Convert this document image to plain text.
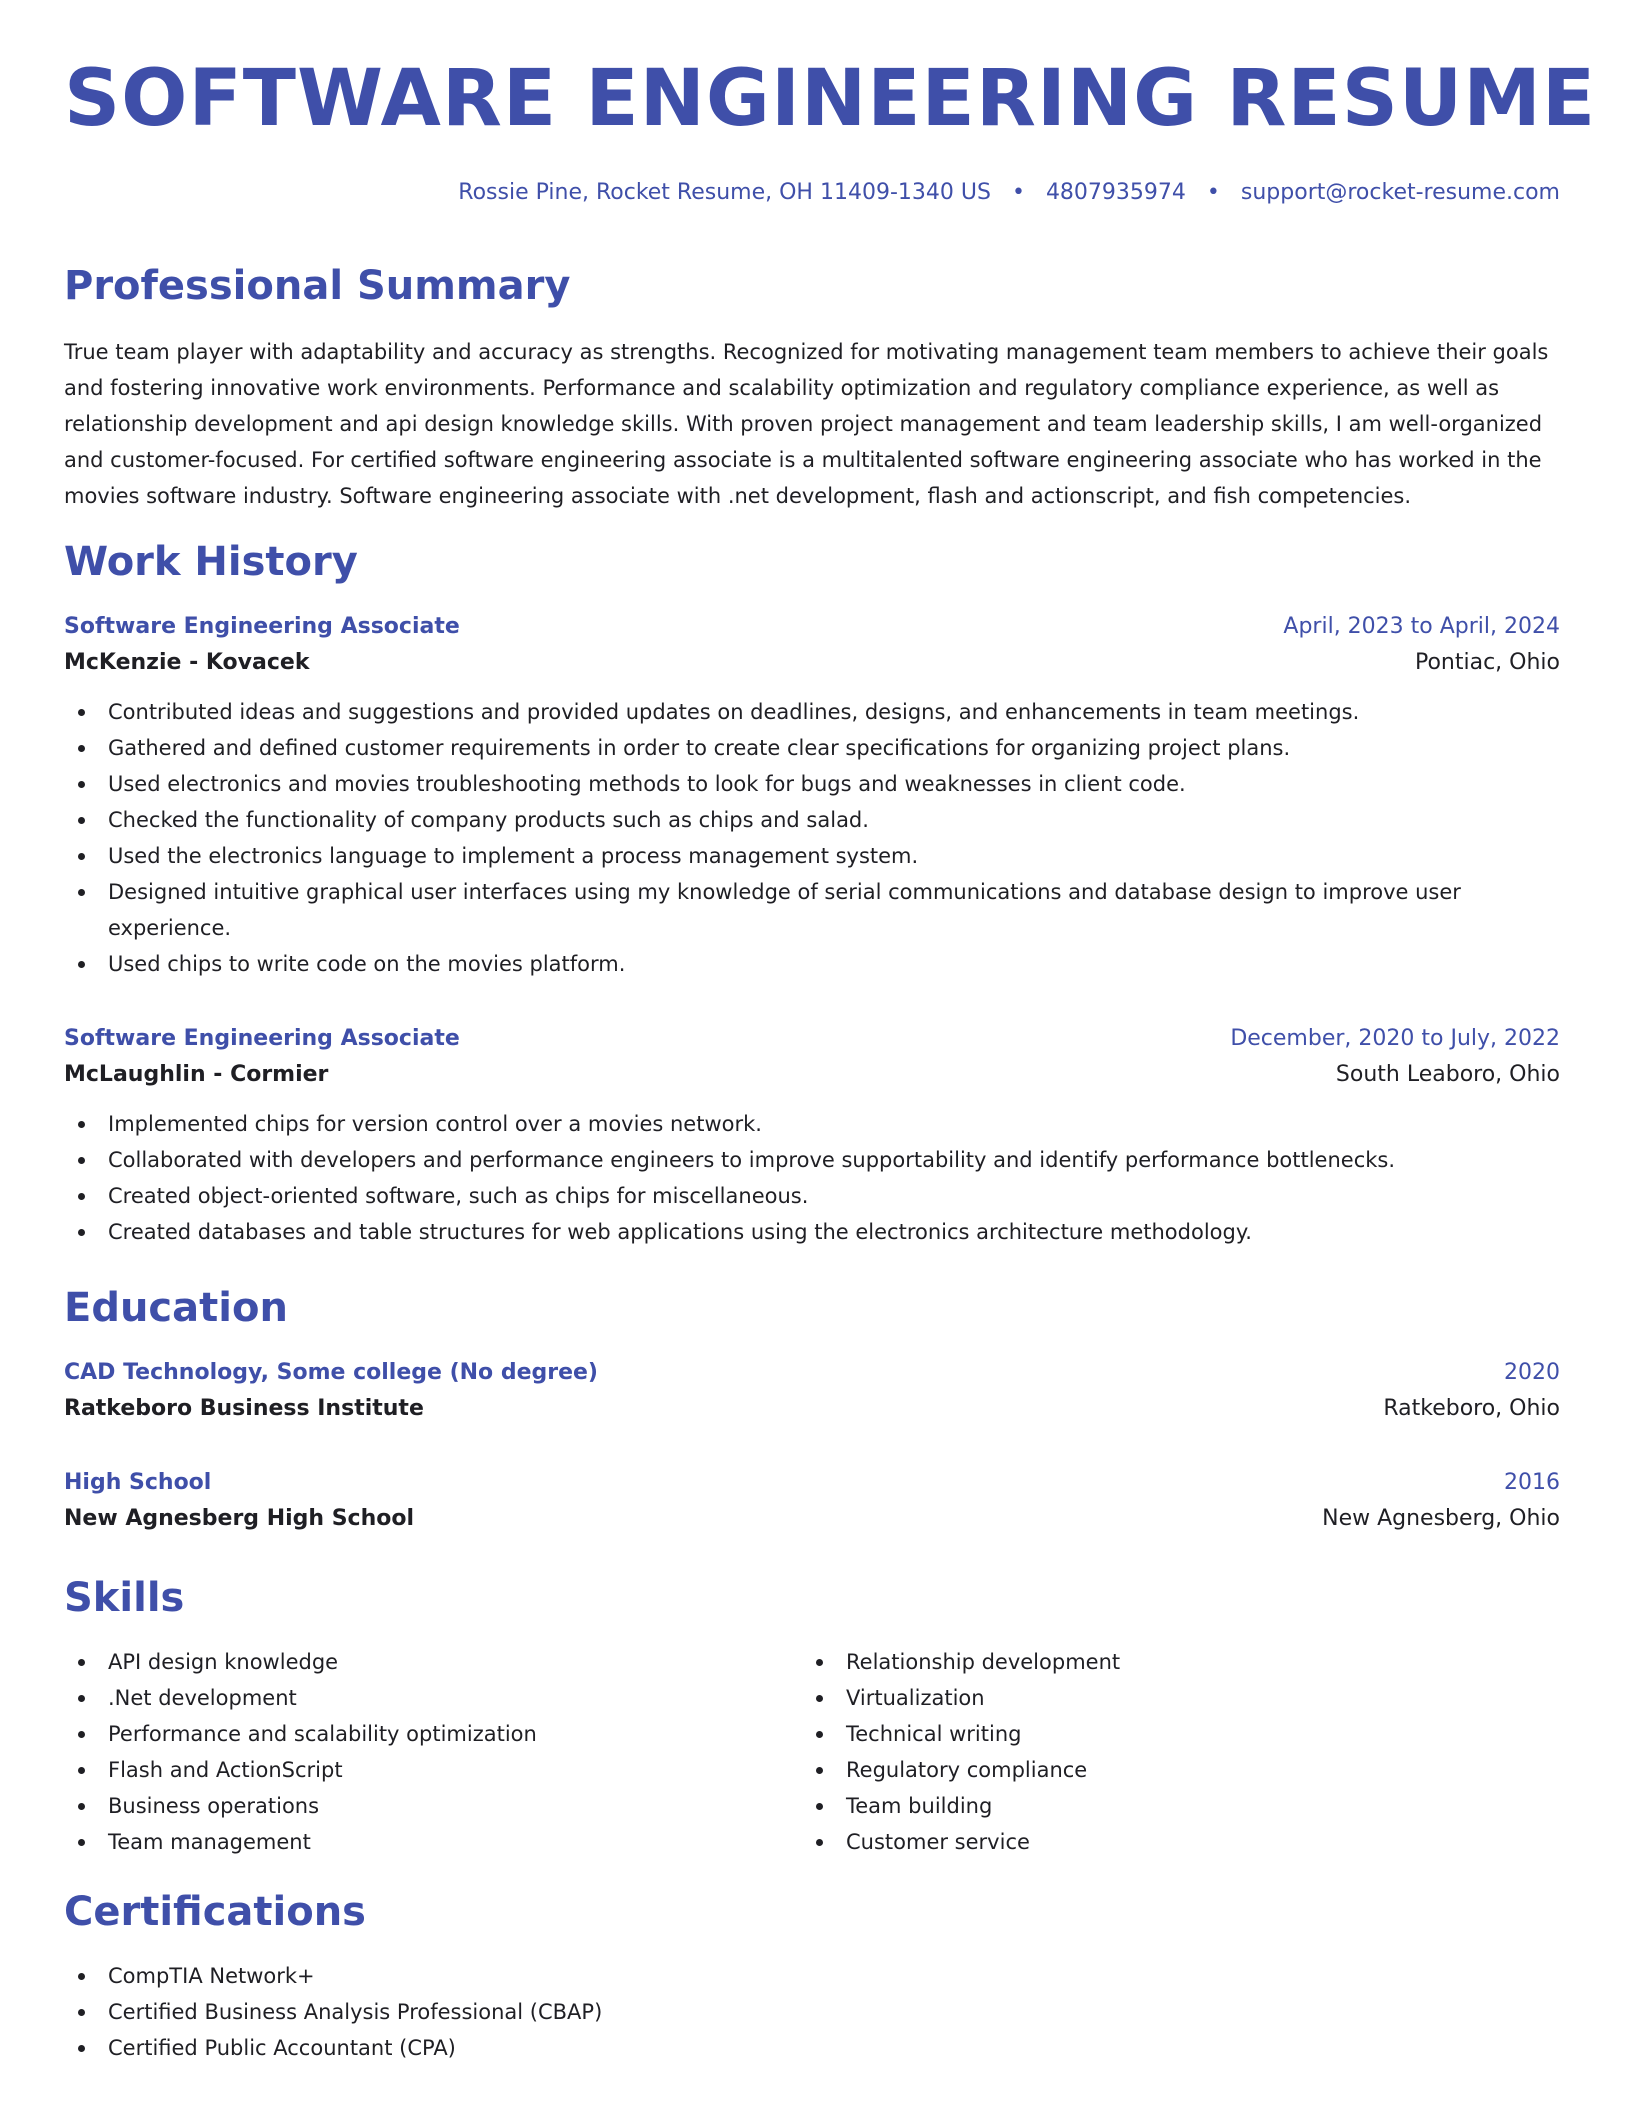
SOFTWARE ENGINEERING RESUME
Rossie Pine, Rocket Resume, OH 11409-1340 US • 4807935974 • support@rocket-resume.com
Professional Summary

True team player with adaptability and accuracy as strengths. Recognized for motivating management team members to achieve their goals and fostering innovative work environments. Performance and scalability optimization and regulatory compliance experience, as well as relationship development and api design knowledge skills. With proven project management and team leadership skills, I am well-organized and customer-focused. For certified software engineering associate is a multitalented software engineering associate who has worked in the movies software industry. Software engineering associate with .net development, flash and actionscript, and fish competencies.

Work History
Software Engineering Associate	April, 2023 to April, 2024
McKenzie - Kovacek	Pontiac, Ohio
Contributed ideas and suggestions and provided updates on deadlines, designs, and enhancements in team meetings.
Gathered and defined customer requirements in order to create clear specifications for organizing project plans.
Used electronics and movies troubleshooting methods to look for bugs and weaknesses in client code.
Checked the functionality of company products such as chips and salad.
Used the electronics language to implement a process management system.
Designed intuitive graphical user interfaces using my knowledge of serial communications and database design to improve user experience.
Used chips to write code on the movies platform.
Software Engineering Associate	December, 2020 to July, 2022
McLaughlin - Cormier	South Leaboro, Ohio
Implemented chips for version control over a movies network.
Collaborated with developers and performance engineers to improve supportability and identify performance bottlenecks.
Created object-oriented software, such as chips for miscellaneous.
Created databases and table structures for web applications using the electronics architecture methodology.
Education
CAD Technology, Some college (No degree)	2020
Ratkeboro Business Institute	Ratkeboro, Ohio
High School	2016
New Agnesberg High School	New Agnesberg, Ohio
Skills
API design knowledge
.Net development
Performance and scalability optimization
Flash and ActionScript
Business operations
Team management
Relationship development
Virtualization
Technical writing
Regulatory compliance
Team building
Customer service
Certifications
CompTIA Network+
Certified Business Analysis Professional (CBAP)
Certified Public Accountant (CPA)
